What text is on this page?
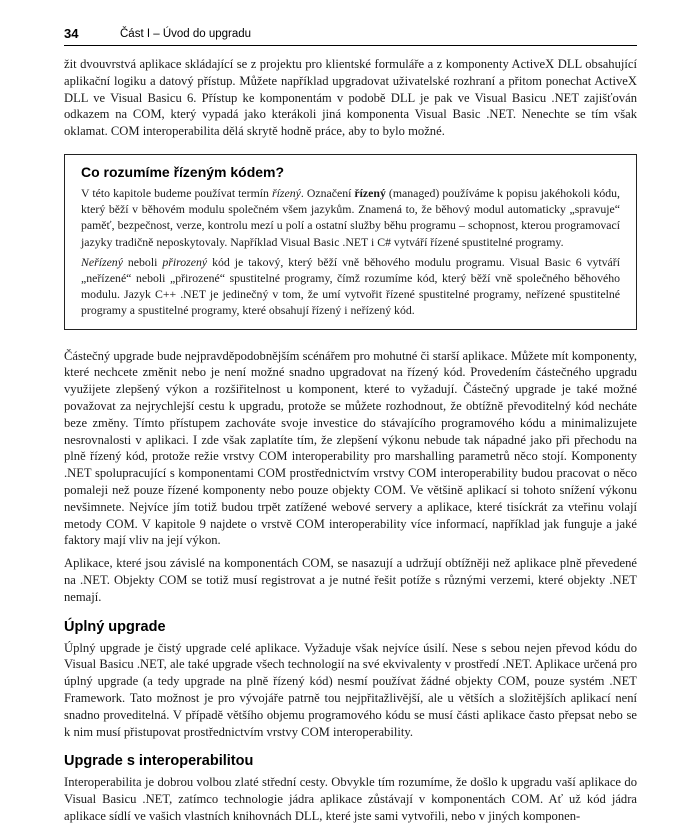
34	Část I – Úvod do upgradu

žit dvouvrstvá aplikace skládající se z projektu pro klientské formuláře a z komponenty ActiveX DLL obsahující aplikační logiku a datový přístup. Můžete například upgradovat uživatelské rozhraní a přitom ponechat ActiveX DLL ve Visual Basicu 6. Přístup ke komponentám v podobě DLL je pak ve Visual Basicu .NET zajišťován odkazem na COM, který vypadá jako kterákoli jiná komponenta Visual Basic .NET. Nenechte se tím však oklamat. COM interoperabilita dělá skrytě hodně práce, aby to bylo možné.

Co rozumíme řízeným kódem?

V této kapitole budeme používat termín řízený. Označení řízený (managed) používáme k popisu jakéhokoli kódu, který běží v běhovém modulu společném všem jazykům. Znamená to, že běhový modul automaticky „spravuje“ paměť, bezpečnost, verze, kontrolu mezí u polí a ostatní služby běhu programu – schopnost, kterou programovací jazyky tradičně neposkytovaly. Například Visual Basic .NET i C# vytváří řízené spustitelné programy.

Neřízený neboli přirozený kód je takový, který běží vně běhového modulu programu. Visual Basic 6 vytváří „neřízené“ neboli „přirozené“ spustitelné programy, čímž rozumíme kód, který běží vně společného běhového modulu. Jazyk C++ .NET je jedinečný v tom, že umí vytvořit řízené spustitelné programy, neřízené spustitelné programy a spustitelné programy, které obsahují řízený i neřízený kód.

Částečný upgrade bude nejpravděpodobnějším scénářem pro mohutné či starší aplikace. Můžete mít komponenty, které nechcete změnit nebo je není možné snadno upgradovat na řízený kód. Provedením částečného upgradu využijete zlepšený výkon a rozšiřitelnost u komponent, které to vyžadují. Částečný upgrade je také možné považovat za nejrychlejší cestu k upgradu, protože se můžete rozhodnout, že obtížně převoditelný kód necháte beze změny. Tímto přístupem zachováte svoje investice do stávajícího programového kódu a minimalizujete nesrovnalosti v aplikaci. I zde však zaplatíte tím, že zlepšení výkonu nebude tak nápadné jako při přechodu na plně řízený kód, protože režie vrstvy COM interoperability pro marshalling parametrů něco stojí. Komponenty .NET spolupracující s komponentami COM prostřednictvím vrstvy COM interoperability budou pracovat o něco pomaleji než pouze řízené komponenty nebo pouze objekty COM. Ve většině aplikací si tohoto snížení výkonu nevšimnete. Nejvíce jím totiž budou trpět zatížené webové servery a aplikace, které tisíckrát za vteřinu volají metody COM. V kapitole 9 najdete o vrstvě COM interoperability více informací, například jak funguje a jaké faktory mají vliv na její výkon.

Aplikace, které jsou závislé na komponentách COM, se nasazují a udržují obtížněji než aplikace plně převedené na .NET. Objekty COM se totiž musí registrovat a je nutné řešit potíže s různými verzemi, které objekty .NET nemají.

Úplný upgrade

Úplný upgrade je čistý upgrade celé aplikace. Vyžaduje však nejvíce úsilí. Nese s sebou nejen převod kódu do Visual Basicu .NET, ale také upgrade všech technologií na své ekvivalenty v prostředí .NET. Aplikace určená pro úplný upgrade (a tedy upgrade na plně řízený kód) nesmí používat žádné objekty COM, pouze systém .NET Framework. Tato možnost je pro vývojáře patrně tou nejpřitažlivější, ale u větších a složitějších aplikací není snadno proveditelná. V případě většího objemu programového kódu se musí části aplikace často přepsat nebo se k nim musí přistupovat prostřednictvím vrstvy COM interoperability.

Upgrade s interoperabilitou

Interoperabilita je dobrou volbou zlaté střední cesty. Obvykle tím rozumíme, že došlo k upgradu vaší aplikace do Visual Basicu .NET, zatímco technologie jádra aplikace zůstávají v komponentách COM. Ať už kód jádra aplikace sídlí ve vašich vlastních knihovnách DLL, které jste sami vytvořili, nebo v jiných komponen-
